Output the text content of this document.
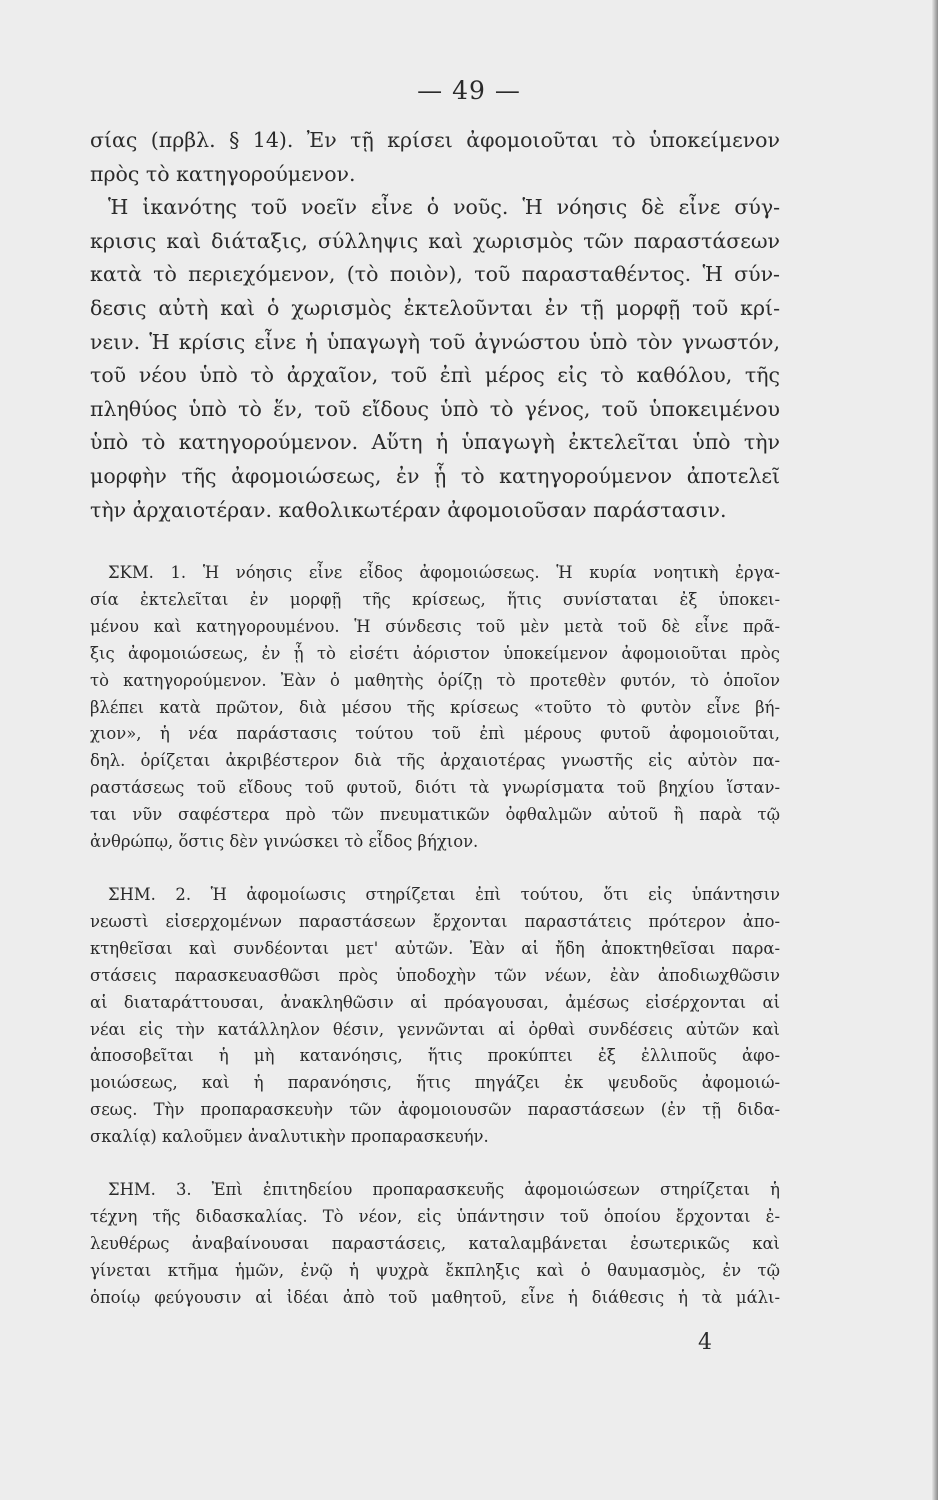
— 49 —
σίας (πρβλ. § 14). Ἐν τῇ κρίσει ἀφομοιοῦται τὸ ὑποκείμενον
πρὸς τὸ κατηγορούμενον.
Ἡ ἱκανότης τοῦ νοεῖν εἶνε ὁ νοῦς. Ἡ νόησις δὲ εἶνε σύγ-
κρισις καὶ διάταξις, σύλληψις καὶ χωρισμὸς τῶν παραστάσεων
κατὰ τὸ περιεχόμενον, (τὸ ποιὸν), τοῦ παρασταθέντος. Ἡ σύν-
δεσις αὐτὴ καὶ ὁ χωρισμὸς ἐκτελοῦνται ἐν τῇ μορφῇ τοῦ κρί-
νειν. Ἡ κρίσις εἶνε ἡ ὑπαγωγὴ τοῦ ἀγνώστου ὑπὸ τὸν γνωστόν,
τοῦ νέου ὑπὸ τὸ ἀρχαῖον, τοῦ ἐπὶ μέρος εἰς τὸ καθόλου, τῆς
πληθύος ὑπὸ τὸ ἕν, τοῦ εἴδους ὑπὸ τὸ γένος, τοῦ ὑποκειμένου
ὑπὸ τὸ κατηγορούμενον. Αὕτη ἡ ὑπαγωγὴ ἐκτελεῖται ὑπὸ τὴν
μορφὴν τῆς ἀφομοιώσεως, ἐν ᾗ τὸ κατηγορούμενον ἀποτελεῖ
τὴν ἀρχαιοτέραν. καθολικωτέραν ἀφομοιοῦσαν παράστασιν.
ΣΚΜ. 1. Ἡ νόησις εἶνε εἶδος ἀφομοιώσεως. Ἡ κυρία νοητικὴ ἐργα-
σία ἐκτελεῖται ἐν μορφῇ τῆς κρίσεως, ἥτις συνίσταται ἐξ ὑποκει-
μένου καὶ κατηγορουμένου. Ἡ σύνδεσις τοῦ μὲν μετὰ τοῦ δὲ εἶνε πρᾶ-
ξις ἀφομοιώσεως, ἐν ᾗ τὸ εἰσέτι ἀόριστον ὑποκείμενον ἀφομοιοῦται πρὸς
τὸ κατηγορούμενον. Ἐὰν ὁ μαθητὴς ὁρίζῃ τὸ προτεθὲν φυτόν, τὸ ὁποῖον
βλέπει κατὰ πρῶτον, διὰ μέσου τῆς κρίσεως «τοῦτο τὸ φυτὸν εἶνε βή-
χιον», ἡ νέα παράστασις τούτου τοῦ ἐπὶ μέρους φυτοῦ ἀφομοιοῦται,
δηλ. ὁρίζεται ἀκριβέστερον διὰ τῆς ἀρχαιοτέρας γνωστῆς εἰς αὐτὸν πα-
ραστάσεως τοῦ εἴδους τοῦ φυτοῦ, διότι τὰ γνωρίσματα τοῦ βηχίου ἵσταν-
ται νῦν σαφέστερα πρὸ τῶν πνευματικῶν ὀφθαλμῶν αὐτοῦ ἢ παρὰ τῷ
ἀνθρώπῳ, ὅστις δὲν γινώσκει τὸ εἶδος βήχιον.
ΣΗΜ. 2. Ἡ ἀφομοίωσις στηρίζεται ἐπὶ τούτου, ὅτι εἰς ὑπάντησιν
νεωστὶ εἰσερχομένων παραστάσεων ἔρχονται παραστάτεις πρότερον ἀπο-
κτηθεῖσαι καὶ συνδέονται μετ' αὐτῶν. Ἐὰν αἱ ἤδη ἀποκτηθεῖσαι παρα-
στάσεις παρασκευασθῶσι πρὸς ὑποδοχὴν τῶν νέων, ἐὰν ἀποδιωχθῶσιν
αἱ διαταράττουσαι, ἀνακληθῶσιν αἱ πρόαγουσαι, ἀμέσως εἰσέρχονται αἱ
νέαι εἰς τὴν κατάλληλον θέσιν, γεννῶνται αἱ ὀρθαὶ συνδέσεις αὐτῶν καὶ
ἀποσοβεῖται ἡ μὴ κατανόησις, ἥτις προκύπτει ἐξ ἐλλιποῦς ἀφο-
μοιώσεως, καὶ ἡ παρανόησις, ἥτις πηγάζει ἐκ ψευδοῦς ἀφομοιώ-
σεως. Τὴν προπαρασκευὴν τῶν ἀφομοιουσῶν παραστάσεων (ἐν τῇ διδα-
σκαλίᾳ) καλοῦμεν ἀναλυτικὴν προπαρασκευήν.
ΣΗΜ. 3. Ἐπὶ ἐπιτηδείου προπαρασκευῆς ἀφομοιώσεων στηρίζεται ἡ
τέχνη τῆς διδασκαλίας. Τὸ νέον, εἰς ὑπάντησιν τοῦ ὁποίου ἔρχονται ἐ-
λευθέρως ἀναβαίνουσαι παραστάσεις, καταλαμβάνεται ἐσωτερικῶς καὶ
γίνεται κτῆμα ἡμῶν, ἐνῷ ἡ ψυχρὰ ἔκπληξις καὶ ὁ θαυμασμὸς, ἐν τῷ
ὁποίῳ φεύγουσιν αἱ ἰδέαι ἀπὸ τοῦ μαθητοῦ, εἶνε ἡ διάθεσις ἡ τὰ μάλι-
4
